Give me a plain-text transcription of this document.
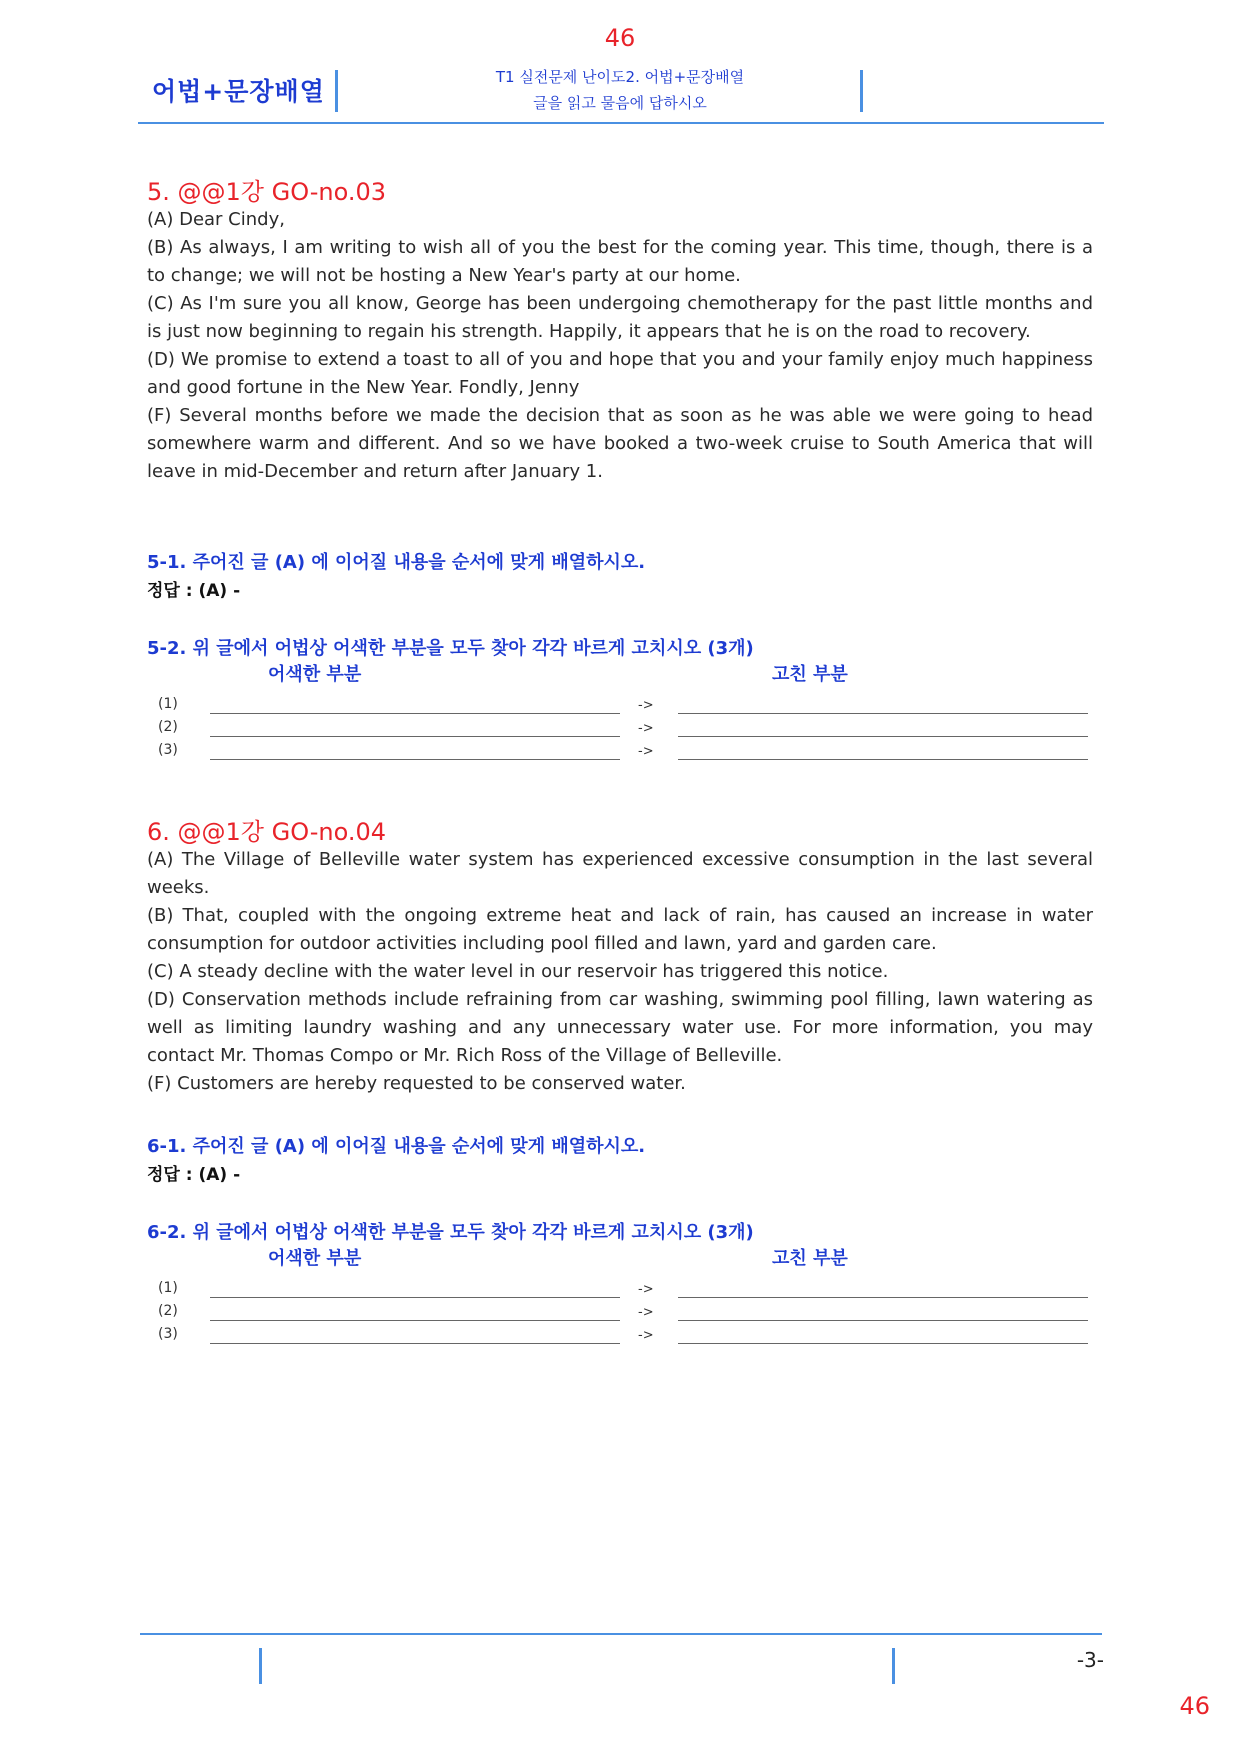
46
어법+문장배열	T1 실전문제 난이도2. 어법+문장배열
글을 읽고 물음에 답하시오
5. @@1강 GO-no.03

(A) Dear Cindy,

(B) As always, I am writing to wish all of you the best for the coming year. This time, though, there is a to change; we will not be hosting a New Year's party at our home.

(C) As I'm sure you all know, George has been undergoing chemotherapy for the past little months and is just now beginning to regain his strength. Happily, it appears that he is on the road to recovery.

(D) We promise to extend a toast to all of you and hope that you and your family enjoy much happiness and good fortune in the New Year. Fondly, Jenny

(F) Several months before we made the decision that as soon as he was able we were going to head somewhere warm and different. And so we have booked a two-week cruise to South America that will leave in mid-December and return after January 1.

5-1. 주어진 글 (A) 에 이어질 내용을 순서에 맞게 배열하시오.
정답 : (A) -
5-2. 위 글에서 어법상 어색한 부분을 모두 찾아 각각 바르게 고치시오 (3개)
어색한 부분	고친 부분
(1)	->
(2)	->
(3)	->
6. @@1강 GO-no.04

(A) The Village of Belleville water system has experienced excessive consumption in the last several weeks.

(B) That, coupled with the ongoing extreme heat and lack of rain, has caused an increase in water consumption for outdoor activities including pool filled and lawn, yard and garden care.

(C) A steady decline with the water level in our reservoir has triggered this notice.

(D) Conservation methods include refraining from car washing, swimming pool filling, lawn watering as well as limiting laundry washing and any unnecessary water use. For more information, you may contact Mr. Thomas Compo or Mr. Rich Ross of the Village of Belleville.

(F) Customers are hereby requested to be conserved water.

6-1. 주어진 글 (A) 에 이어질 내용을 순서에 맞게 배열하시오.
정답 : (A) -
6-2. 위 글에서 어법상 어색한 부분을 모두 찾아 각각 바르게 고치시오 (3개)
어색한 부분	고친 부분
(1)	->
(2)	->
(3)	->
-3-
46
